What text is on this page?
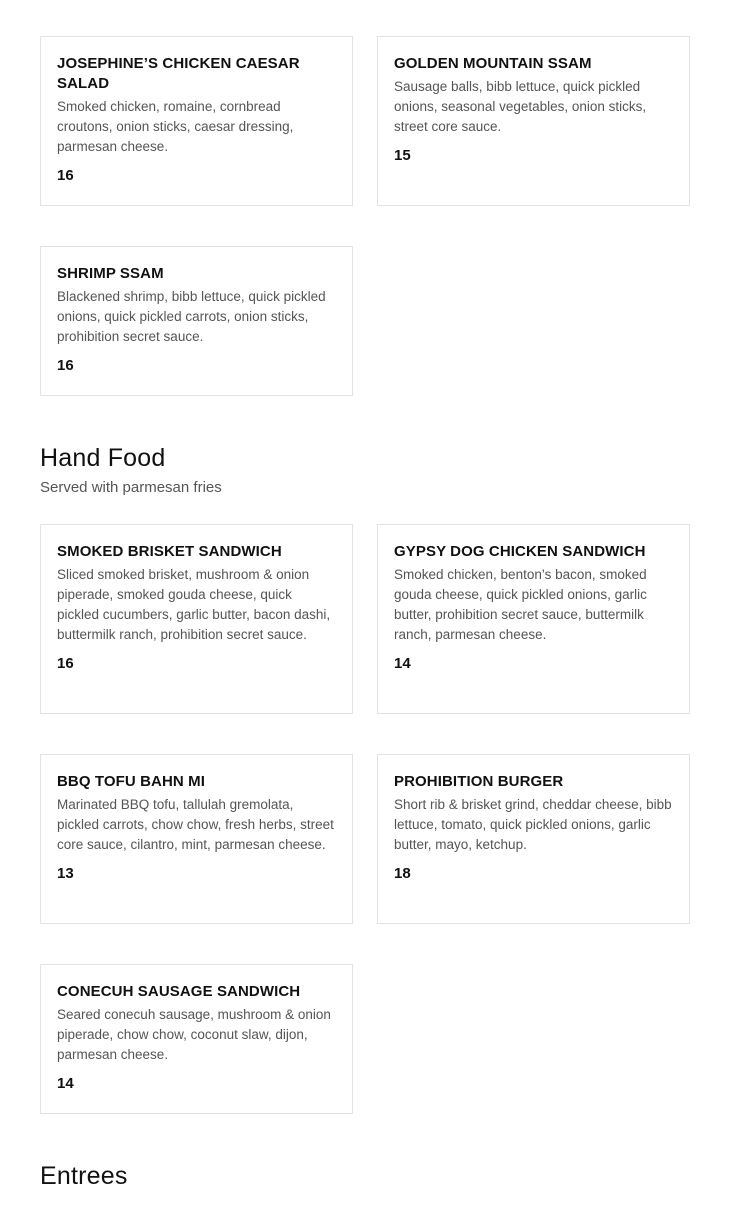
JOSEPHINE’S CHICKEN CAESAR SALAD
Smoked chicken, romaine, cornbread croutons, onion sticks, caesar dressing, parmesan cheese.
16
GOLDEN MOUNTAIN SSAM
Sausage balls, bibb lettuce, quick pickled onions, seasonal vegetables, onion sticks, street core sauce.
15
SHRIMP SSAM
Blackened shrimp, bibb lettuce, quick pickled onions, quick pickled carrots, onion sticks, prohibition secret sauce.
16
Hand Food
Served with parmesan fries
SMOKED BRISKET SANDWICH
Sliced smoked brisket, mushroom & onion piperade, smoked gouda cheese, quick pickled cucumbers, garlic butter, bacon dashi, buttermilk ranch, prohibition secret sauce.
16
GYPSY DOG CHICKEN SANDWICH
Smoked chicken, benton’s bacon, smoked gouda cheese, quick pickled onions, garlic butter, prohibition secret sauce, buttermilk ranch, parmesan cheese.
14
BBQ TOFU BAHN MI
Marinated BBQ tofu, tallulah gremolata, pickled carrots, chow chow, fresh herbs, street core sauce, cilantro, mint, parmesan cheese.
13
PROHIBITION BURGER
Short rib & brisket grind, cheddar cheese, bibb lettuce, tomato, quick pickled onions, garlic butter, mayo, ketchup.
18
CONECUH SAUSAGE SANDWICH
Seared conecuh sausage, mushroom & onion piperade, chow chow, coconut slaw, dijon, parmesan cheese.
14
Entrees
